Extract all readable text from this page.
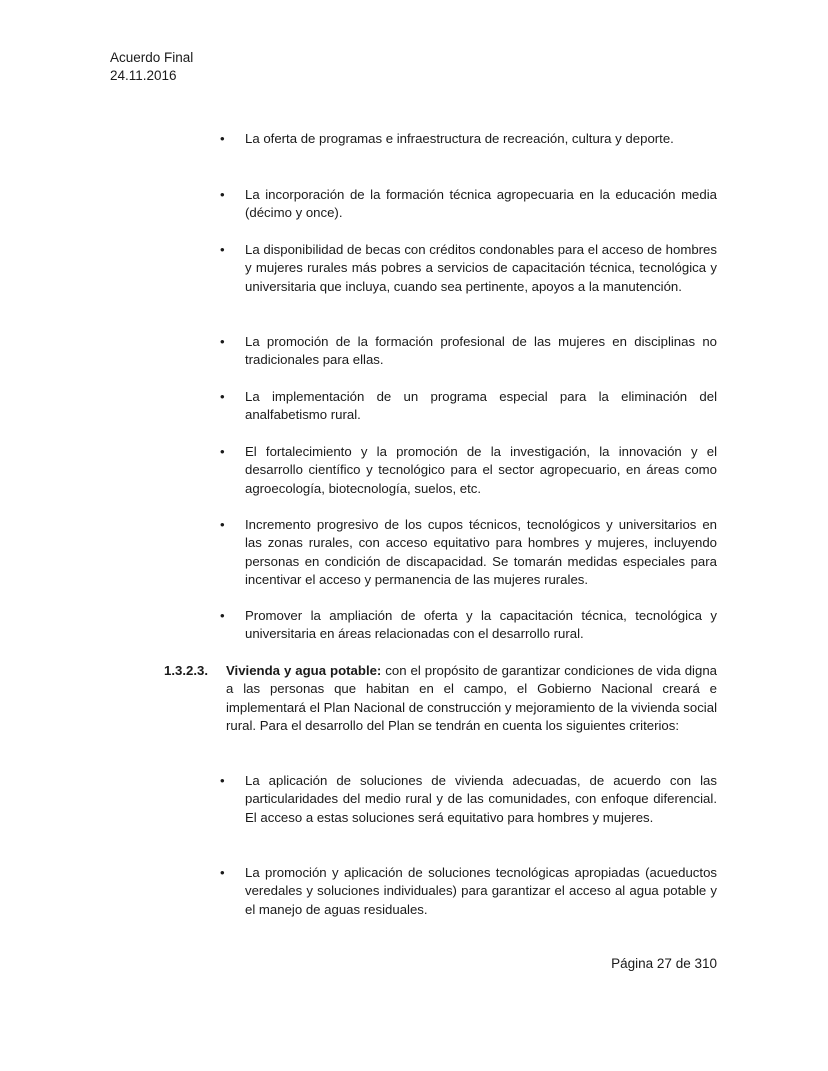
Acuerdo Final
24.11.2016
•	La oferta de programas e infraestructura de recreación, cultura y deporte.
•	La incorporación de la formación técnica agropecuaria en la educación media (décimo y once).
•	La disponibilidad de becas con créditos condonables para el acceso de hombres y mujeres rurales más pobres a servicios de capacitación técnica, tecnológica y universitaria que incluya, cuando sea pertinente, apoyos a la manutención.
•	La promoción de la formación profesional de las mujeres en disciplinas no tradicionales para ellas.
•	La implementación de un programa especial para la eliminación del analfabetismo rural.
•	El fortalecimiento y la promoción de la investigación, la innovación y el desarrollo científico y tecnológico para el sector agropecuario, en áreas como agroecología, biotecnología, suelos, etc.
•	Incremento progresivo de los cupos técnicos, tecnológicos y universitarios en las zonas rurales, con acceso equitativo para hombres y mujeres, incluyendo personas en condición de discapacidad. Se tomarán medidas especiales para incentivar el acceso y permanencia de las mujeres rurales.
•	Promover la ampliación de oferta y la capacitación técnica, tecnológica y universitaria en áreas relacionadas con el desarrollo rural.
1.3.2.3. Vivienda y agua potable: con el propósito de garantizar condiciones de vida digna a las personas que habitan en el campo, el Gobierno Nacional creará e implementará el Plan Nacional de construcción y mejoramiento de la vivienda social rural. Para el desarrollo del Plan se tendrán en cuenta los siguientes criterios:
•	La aplicación de soluciones de vivienda adecuadas, de acuerdo con las particularidades del medio rural y de las comunidades, con enfoque diferencial. El acceso a estas soluciones será equitativo para hombres y mujeres.
•	La promoción y aplicación de soluciones tecnológicas apropiadas (acueductos veredales y soluciones individuales) para garantizar el acceso al agua potable y el manejo de aguas residuales.
Página 27 de 310
